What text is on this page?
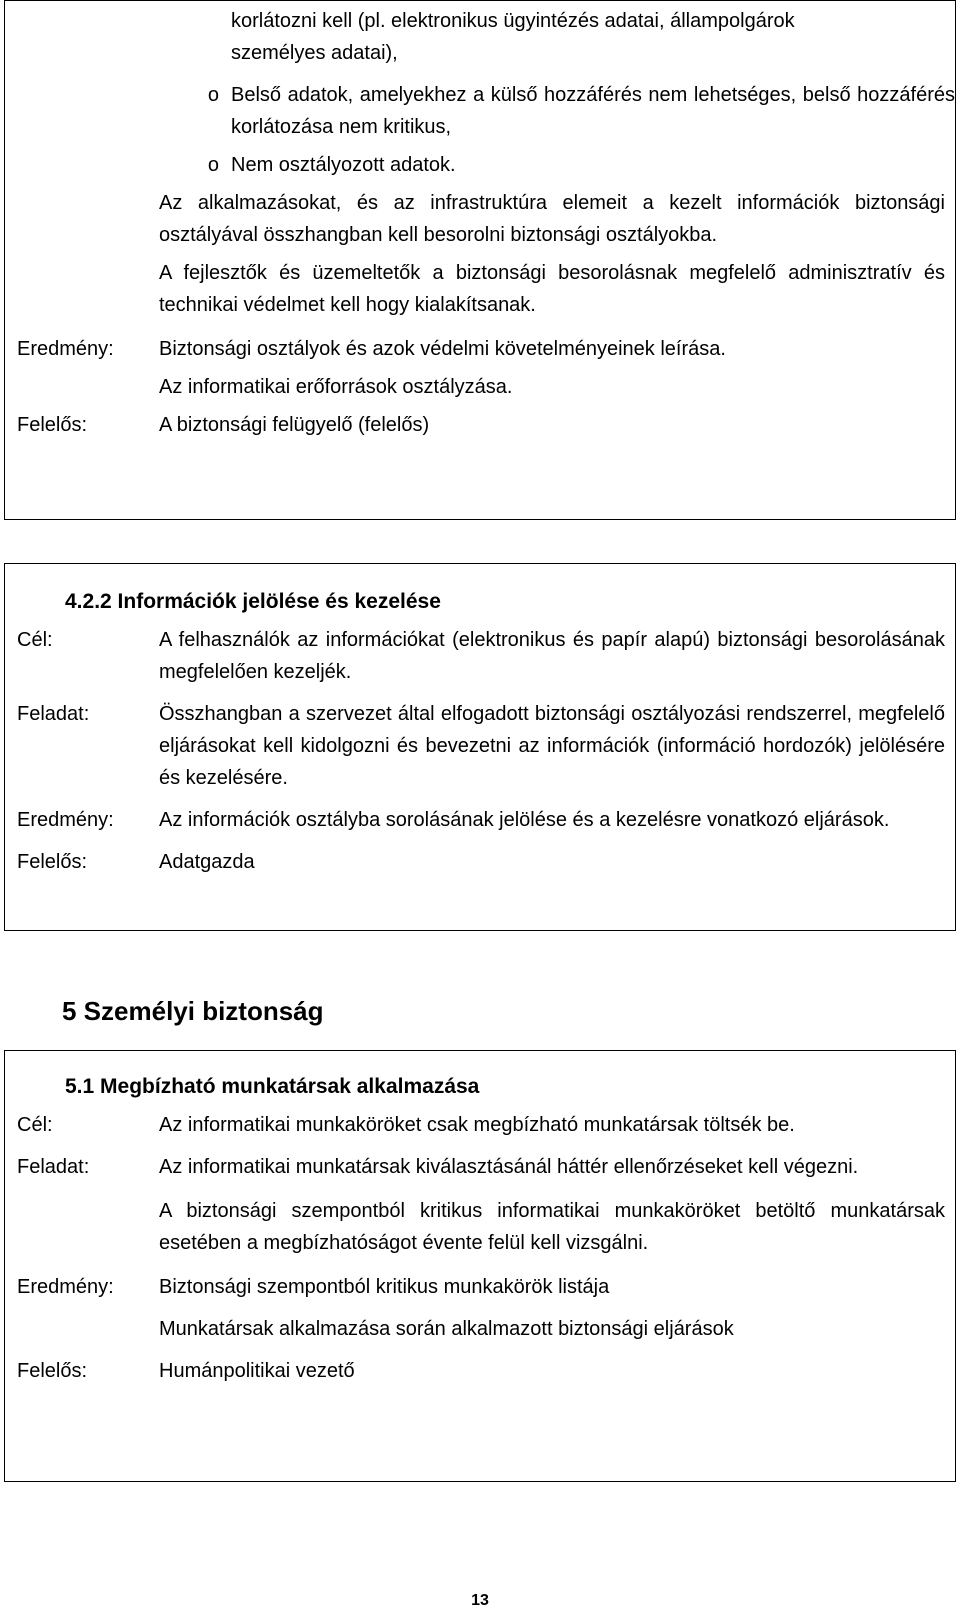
korlátozni kell (pl. elektronikus ügyintézés adatai, állampolgárok
személyes adatai),
o Belső adatok, amelyekhez a külső hozzáférés nem lehetséges, belső hozzáférés korlátozása nem kritikus,
o Nem osztályozott adatok.

Az alkalmazásokat, és az infrastruktúra elemeit a kezelt információk biztonsági osztályával összhangban kell besorolni biztonsági osztályokba.

A fejlesztők és üzemeltetők a biztonsági besorolásnak megfelelő adminisztratív és technikai védelmet kell hogy kialakítsanak.

Eredmény:	Biztonsági osztályok és azok védelmi követelményeinek leírása.

Az informatikai erőforrások osztályzása.

Felelős:	A biztonsági felügyelő (felelős)
4.2.2 Információk jelölése és kezelése
Cél:	A felhasználók az információkat (elektronikus és papír alapú) biztonsági besorolásának megfelelően kezeljék.
Feladat:	Összhangban a szervezet által elfogadott biztonsági osztályozási rendszerrel, megfelelő eljárásokat kell kidolgozni és bevezetni az információk (információ hordozók) jelölésére és kezelésére.
Eredmény:	Az információk osztályba sorolásának jelölése és a kezelésre vonatkozó eljárások.
Felelős:	Adatgazda
5 Személyi biztonság
5.1 Megbízható munkatársak alkalmazása
Cél:	Az informatikai munkaköröket csak megbízható munkatársak töltsék be.
Feladat:	Az informatikai munkatársak kiválasztásánál háttér ellenőrzéseket kell végezni.

A biztonsági szempontból kritikus informatikai munkaköröket betöltő munkatársak esetében a megbízhatóságot évente felül kell vizsgálni.

Eredmény:	Biztonsági szempontból kritikus munkakörök listája

Munkatársak alkalmazása során alkalmazott biztonsági eljárások

Felelős:	Humánpolitikai vezető
13
